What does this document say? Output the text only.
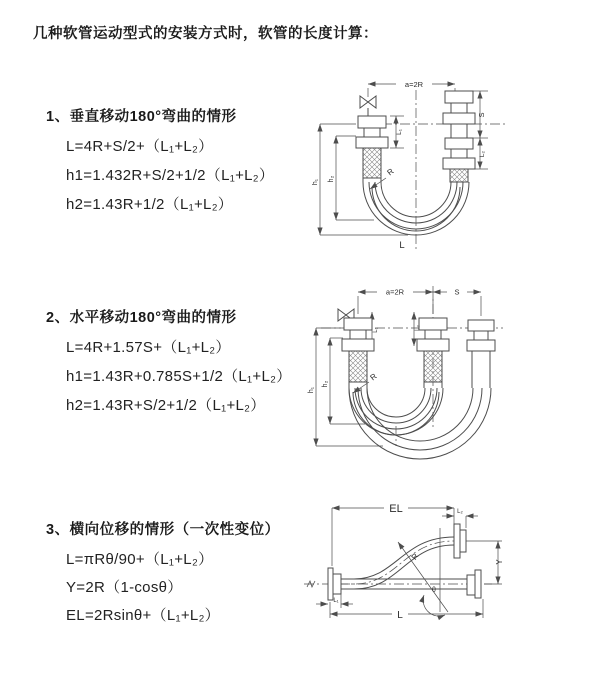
几种软管运动型式的安装方式时，软管的长度计算：
1、垂直移动180°弯曲的情形
L=4R+S/2+（L₁+L₂）
h1=1.432R+S/2+1/2（L₁+L₂）
h2=1.43R+1/2（L₁+L₂）
2、水平移动180°弯曲的情形
L=4R+1.57S+（L₁+L₂）
h1=1.43R+0.785S+1/2（L₁+L₂）
h2=1.43R+S/2+1/2（L₁+L₂）
3、横向位移的情形（一次性变位）
L=πRθ/90+（L₁+L₂）
Y=2R（1-cosθ）
EL=2Rsinθ+（L₁+L₂）
a=2R
S
L₂
L₁
h₁ h₂
R
L
a=2R	S
L₁	L₂
h₁
h₂
R
EL	L₂
Y
L
L₁
θ
R
